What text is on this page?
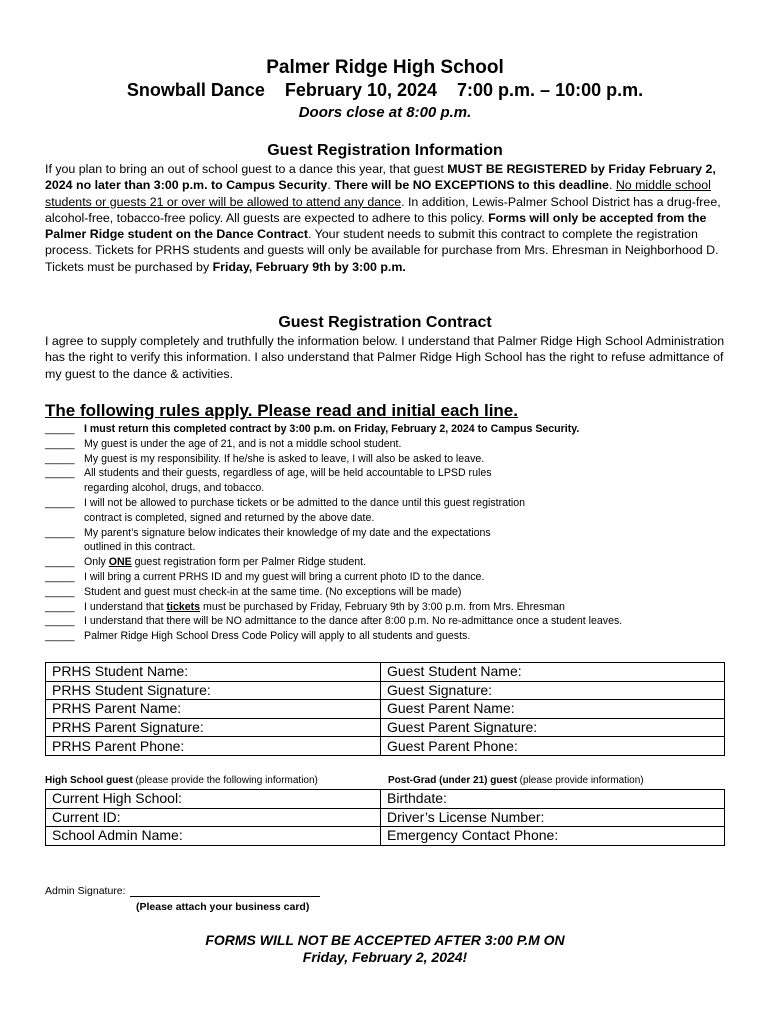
Palmer Ridge High School
Snowball Dance    February 10, 2024    7:00 p.m. – 10:00 p.m.
Doors close at 8:00 p.m.
Guest Registration Information
If you plan to bring an out of school guest to a dance this year, that guest MUST BE REGISTERED by Friday February 2, 2024 no later than 3:00 p.m. to Campus Security. There will be NO EXCEPTIONS to this deadline. No middle school students or guests 21 or over will be allowed to attend any dance. In addition, Lewis-Palmer School District has a drug-free, alcohol-free, tobacco-free policy. All guests are expected to adhere to this policy. Forms will only be accepted from the Palmer Ridge student on the Dance Contract. Your student needs to submit this contract to complete the registration process. Tickets for PRHS students and guests will only be available for purchase from Mrs. Ehresman in Neighborhood D. Tickets must be purchased by Friday, February 9th by 3:00 p.m.
Guest Registration Contract
I agree to supply completely and truthfully the information below. I understand that Palmer Ridge High School Administration has the right to verify this information. I also understand that Palmer Ridge High School has the right to refuse admittance of my guest to the dance & activities.
The following rules apply. Please read and initial each line.
_____ I must return this completed contract by 3:00 p.m. on Friday, February 2, 2024 to Campus Security.
_____ My guest is under the age of 21, and is not a middle school student.
_____ My guest is my responsibility. If he/she is asked to leave, I will also be asked to leave.
_____ All students and their guests, regardless of age, will be held accountable to LPSD rules
regarding alcohol, drugs, and tobacco.
_____ I will not be allowed to purchase tickets or be admitted to the dance until this guest registration
contract is completed, signed and returned by the above date.
_____ My parent’s signature below indicates their knowledge of my date and the expectations
outlined in this contract.
_____ Only ONE guest registration form per Palmer Ridge student.
_____ I will bring a current PRHS ID and my guest will bring a current photo ID to the dance.
_____ Student and guest must check-in at the same time. (No exceptions will be made)
_____ I understand that tickets must be purchased by Friday, February 9th by 3:00 p.m. from Mrs. Ehresman
_____ I understand that there will be NO admittance to the dance after 8:00 p.m. No re-admittance once a student leaves.
_____ Palmer Ridge High School Dress Code Policy will apply to all students and guests.
PRHS Student Name:	Guest Student Name:
PRHS Student Signature:	Guest Signature:
PRHS Parent Name:	Guest Parent Name:
PRHS Parent Signature:	Guest Parent Signature:
PRHS Parent Phone:	Guest Parent Phone:
High School guest (please provide the following information)	Post-Grad (under 21) guest (please provide information)
Current High School:	Birthdate:
Current ID:	Driver’s License Number:
School Admin Name:	Emergency Contact Phone:
Admin Signature:
(Please attach your business card)
FORMS WILL NOT BE ACCEPTED AFTER 3:00 P.M ON
Friday, February 2, 2024!
